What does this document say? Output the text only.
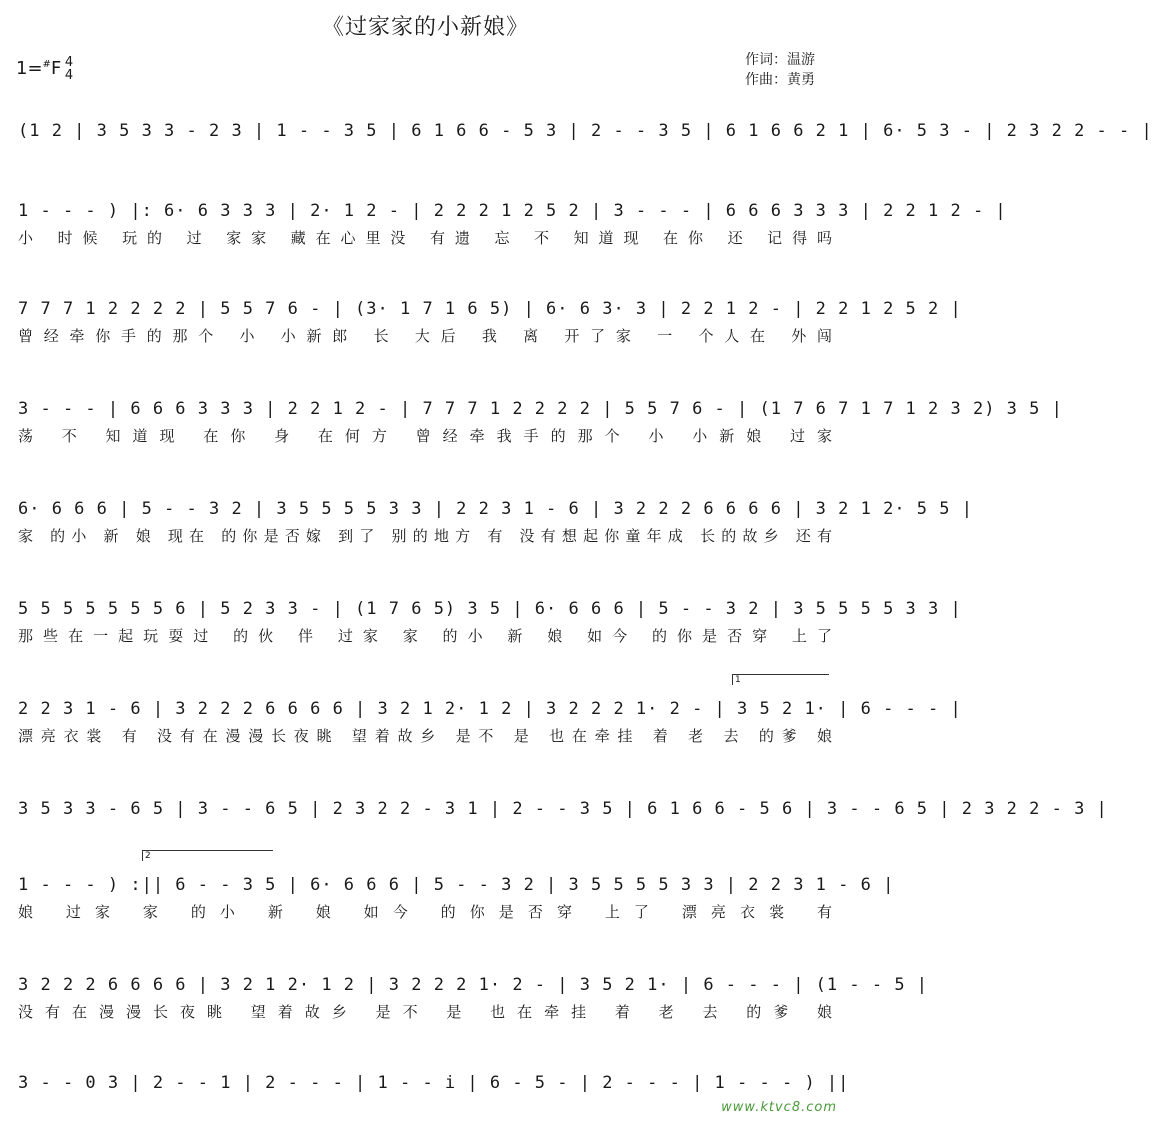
《过家家的小新娘》
1=#F 4
4
作词：温游
作曲：黄勇
(1 2 | 3 5 3 3 - 2 3 | 1 - - 3 5 | 6 1 6 6 - 5 3 | 2 - - 3 5 | 6 1 6 6 2 1 | 6· 5 3 - | 2 3 2 2 - - |
1 - - - ) |: 6· 6 3 3 3 | 2· 1 2 - | 2 2 2 1 2 5 2 | 3 - - - | 6 6 6 3 3 3 | 2 2 1 2 - |
小 时候 玩的 过 家家 藏在心里没 有遗 忘 不 知道现 在你 还 记得吗
7 7 7 1 2 2 2 2 | 5 5 7 6 - | (3· 1 7 1 6 5) | 6· 6 3· 3 | 2 2 1 2 - | 2 2 1 2 5 2 |
曾经牵你手的那个 小 小新郎 长 大后 我 离 开了家 一 个人在 外闯
3 - - - | 6 6 6 3 3 3 | 2 2 1 2 - | 7 7 7 1 2 2 2 2 | 5 5 7 6 - | (1 7 6 7 1 7 1 2 3 2) 3 5 |
荡 不 知道现 在你 身 在何方 曾经牵我手的那个 小 小新娘 过家
6· 6 6 6 | 5 - - 3 2 | 3 5 5 5 5 3 3 | 2 2 3 1 - 6 | 3 2 2 2 6 6 6 6 | 3 2 1 2· 5 5 |
家 的小 新 娘 现在 的你是否嫁 到了 别的地方 有 没有想起你童年成 长的故乡 还有
5 5 5 5 5 5 5 6 | 5 2 3 3 - | (1 7 6 5) 3 5 | 6· 6 6 6 | 5 - - 3 2 | 3 5 5 5 5 3 3 |
那些在一起玩耍过 的伙 伴 过家 家 的小 新 娘 如今 的你是否穿 上了
1
2 2 3 1 - 6 | 3 2 2 2 6 6 6 6 | 3 2 1 2· 1 2 | 3 2 2 2 1· 2 - | 3 5 2 1· | 6 - - - |
漂亮衣裳 有 没有在漫漫长夜眺 望着故乡 是不 是 也在牵挂 着 老 去 的爹 娘
3 5 3 3 - 6 5 | 3 - - 6 5 | 2 3 2 2 - 3 1 | 2 - - 3 5 | 6 1 6 6 - 5 6 | 3 - - 6 5 | 2 3 2 2 - 3 |
2
1 - - - ) :|| 6 - - 3 5 | 6· 6 6 6 | 5 - - 3 2 | 3 5 5 5 5 3 3 | 2 2 3 1 - 6 |
娘 过家 家 的小 新 娘 如今 的你是否穿 上了 漂亮衣裳 有
3 2 2 2 6 6 6 6 | 3 2 1 2· 1 2 | 3 2 2 2 1· 2 - | 3 5 2 1· | 6 - - - | (1 - - 5 |
没有在漫漫长夜眺 望着故乡 是不 是 也在牵挂 着 老 去 的爹 娘
3 - - 0 3 | 2 - - 1 | 2 - - - | 1 - - i | 6 - 5 - | 2 - - - | 1 - - - ) ||
www.ktvc8.com
